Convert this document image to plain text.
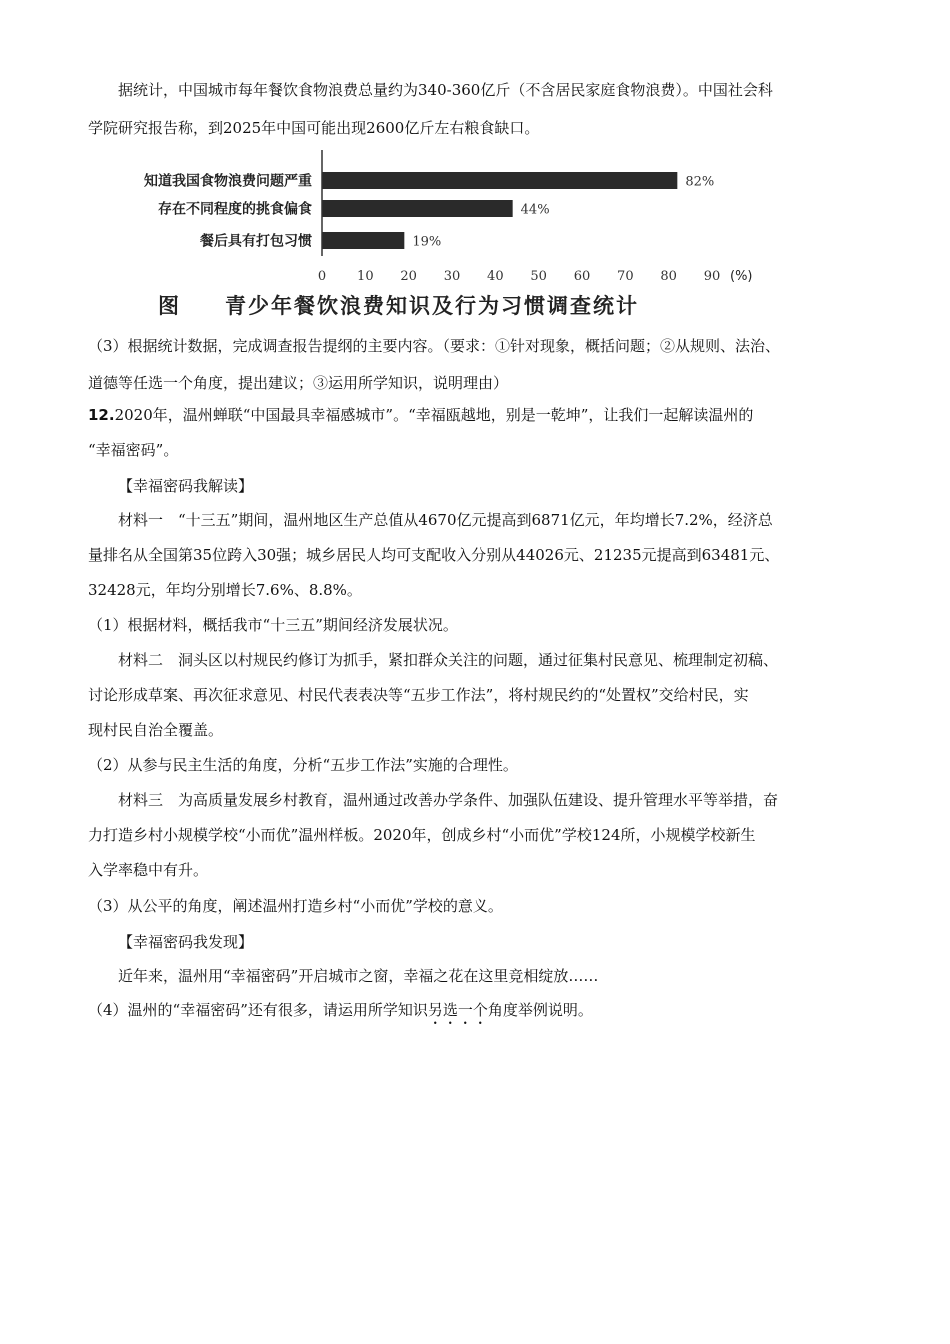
据统计，中国城市每年餐饮食物浪费总量约为340-360亿斤（不含居民家庭食物浪费）。中国社会科
学院研究报告称，到2025年中国可能出现2600亿斤左右粮食缺口。
知道我国食物浪费问题严重
存在不同程度的挑食偏食
餐后具有打包习惯
82%
44%
19%
0 10 20 30 40 50 60 70 80 90 (%)
图 青少年餐饮浪费知识及行为习惯调查统计
（3）根据统计数据，完成调查报告提纲的主要内容。（要求：①针对现象，概括问题；②从规则、法治、
道德等任选一个角度，提出建议；③运用所学知识，说明理由）
12.2020年，温州蝉联“中国最具幸福感城市”。“幸福瓯越地，别是一乾坤”，让我们一起解读温州的
“幸福密码”。
【幸福密码我解读】
材料一　“十三五”期间，温州地区生产总值从4670亿元提高到6871亿元，年均增长7.2%，经济总
量排名从全国第35位跨入30强；城乡居民人均可支配收入分别从44026元、21235元提高到63481元、
32428元，年均分别增长7.6%、8.8%。
（1）根据材料，概括我市“十三五”期间经济发展状况。
材料二　洞头区以村规民约修订为抓手，紧扣群众关注的问题，通过征集村民意见、梳理制定初稿、
讨论形成草案、再次征求意见、村民代表表决等“五步工作法”，将村规民约的“处置权”交给村民，实
现村民自治全覆盖。
（2）从参与民主生活的角度，分析“五步工作法”实施的合理性。
材料三　为高质量发展乡村教育，温州通过改善办学条件、加强队伍建设、提升管理水平等举措，奋
力打造乡村小规模学校“小而优”温州样板。2020年，创成乡村“小而优”学校124所，小规模学校新生
入学率稳中有升。
（3）从公平的角度，阐述温州打造乡村“小而优”学校的意义。
【幸福密码我发现】
近年来，温州用“幸福密码”开启城市之窗，幸福之花在这里竞相绽放……
（4）温州的“幸福密码”还有很多，请运用所学知识另选一个角度举例说明。
